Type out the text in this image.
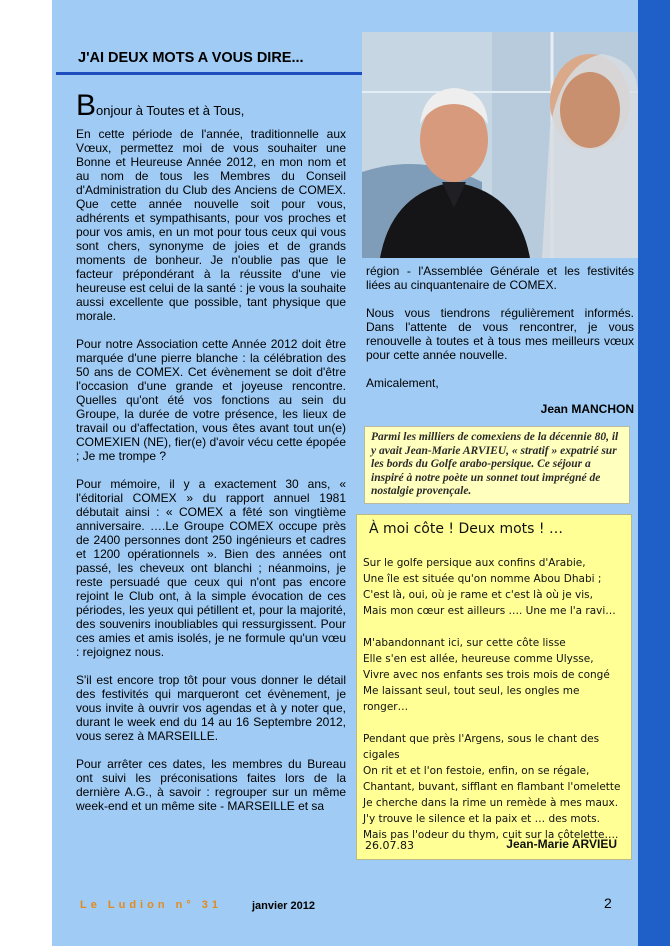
J'AI DEUX MOTS A VOUS DIRE...

Bonjour à Toutes et à Tous,

En cette période de l'année, traditionnelle aux Vœux, permettez moi de vous souhaiter une Bonne et Heureuse Année 2012, en mon nom et au nom de tous les Membres du Conseil d'Administration du Club des Anciens de COMEX. Que cette année nouvelle soit pour vous, adhérents et sympathisants, pour vos proches et pour vos amis, en un mot pour tous ceux qui vous sont chers, synonyme de joies et de grands moments de bonheur. Je n'oublie pas que le facteur prépondérant à la réussite d'une vie heureuse est celui de la santé : je vous la souhaite aussi excellente que possible, tant physique que morale.

Pour notre Association cette Année 2012 doit être marquée d'une pierre blanche : la célébration des 50 ans de COMEX. Cet évènement se doit d'être l'occasion d'une grande et joyeuse rencontre. Quelles qu'ont été vos fonctions au sein du Groupe, la durée de votre présence, les lieux de travail ou d'affectation, vous êtes avant tout un(e) COMEXIEN (NE), fier(e) d'avoir vécu cette épopée ; Je me trompe ?

Pour mémoire, il y a exactement 30 ans, « l'éditorial COMEX » du rapport annuel 1981 débutait ainsi : « COMEX a fêté son vingtième anniversaire. ….Le Groupe COMEX occupe près de 2400 personnes dont 250 ingénieurs et cadres et 1200 opérationnels ». Bien des années ont passé, les cheveux ont blanchi ; néanmoins, je reste persuadé que ceux qui n'ont pas encore rejoint le Club ont, à la simple évocation de ces périodes, les yeux qui pétillent et, pour la majorité, des souvenirs inoubliables qui ressurgissent. Pour ces amies et amis isolés, je ne formule qu'un vœu : rejoignez nous.

S'il est encore trop tôt pour vous donner le détail des festivités qui marqueront cet évènement, je vous invite à ouvrir vos agendas et à y noter que, durant le week end du 14 au 16 Septembre 2012, vous serez à MARSEILLE.

Pour arrêter ces dates, les membres du Bureau ont suivi les préconisations faites lors de la dernière A.G., à savoir : regrouper sur un même week-end et un même site - MARSEILLE et sa

région - l'Assemblée Générale et les festivités liées au cinquantenaire de COMEX.

Nous vous tiendrons régulièrement informés. Dans l'attente de vous rencontrer, je vous renouvelle à toutes et à tous mes meilleurs vœux pour cette année nouvelle.

Amicalement,

Jean MANCHON
Parmi les milliers de comexiens de la décennie 80, il y avait Jean-Marie ARVIEU, « stratif » expatrié sur les bords du Golfe arabo-persique. Ce séjour a inspiré à notre poète un sonnet tout imprégné de nostalgie provençale.
À moi côte ! Deux mots ! …
Sur le golfe persique aux confins d'Arabie,
Une île est située qu'on nomme Abou Dhabi ;
C'est là, oui, où je rame et c'est là où je vis,
Mais mon cœur est ailleurs …. Une me l'a ravi…
M'abandonnant ici, sur cette côte lisse
Elle s'en est allée, heureuse comme Ulysse,
Vivre avec nos enfants ses trois mois de congé
Me laissant seul, tout seul, les ongles me ronger…
Pendant que près l'Argens, sous le chant des cigales
On rit et et l'on festoie, enfin, on se régale,
Chantant, buvant, sifflant en flambant l'omelette
Je cherche dans la rime un remède à mes maux.
J'y trouve le silence et la paix et … des mots.
Mais pas l'odeur du thym, cuit sur la côtelette….
26.07.83	Jean-Marie ARVIEU
Le Ludion n° 31	janvier 2012	2
